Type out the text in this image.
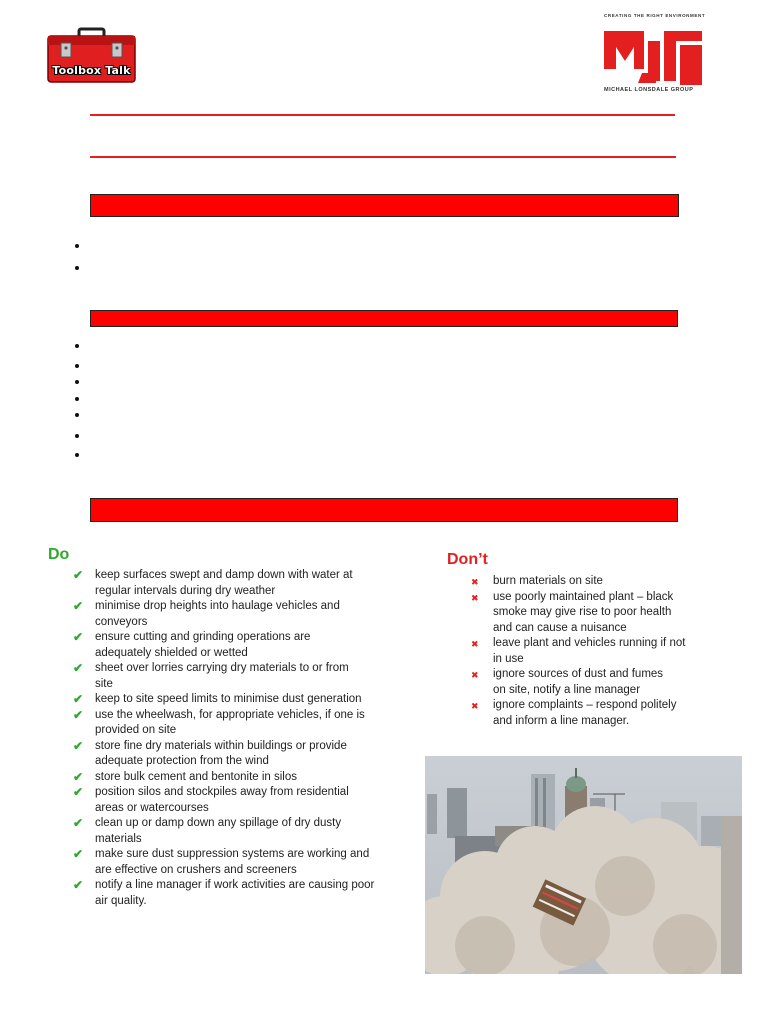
Toolbox Talk
CREATING THE RIGHT ENVIRONMENT
MICHAEL LONSDALE GROUP
Do
✔ keep surfaces swept and damp down with water at
regular intervals during dry weather
✔ minimise drop heights into haulage vehicles and
conveyors
✔ ensure cutting and grinding operations are
adequately shielded or wetted
✔ sheet over lorries carrying dry materials to or from
site
✔ keep to site speed limits to minimise dust generation
✔ use the wheelwash, for appropriate vehicles, if one is
provided on site
✔ store fine dry materials within buildings or provide
adequate protection from the wind
✔ store bulk cement and bentonite in silos
✔ position silos and stockpiles away from residential
areas or watercourses
✔ clean up or damp down any spillage of dry dusty
materials
✔ make sure dust suppression systems are working and
are effective on crushers and screeners
✔ notify a line manager if work activities are causing poor
air quality.
Don’t
✖ burn materials on site
✖ use poorly maintained plant – black
smoke may give rise to poor health
and can cause a nuisance
✖ leave plant and vehicles running if not
in use
✖ ignore sources of dust and fumes
on site, notify a line manager
✖ ignore complaints – respond politely
and inform a line manager.
